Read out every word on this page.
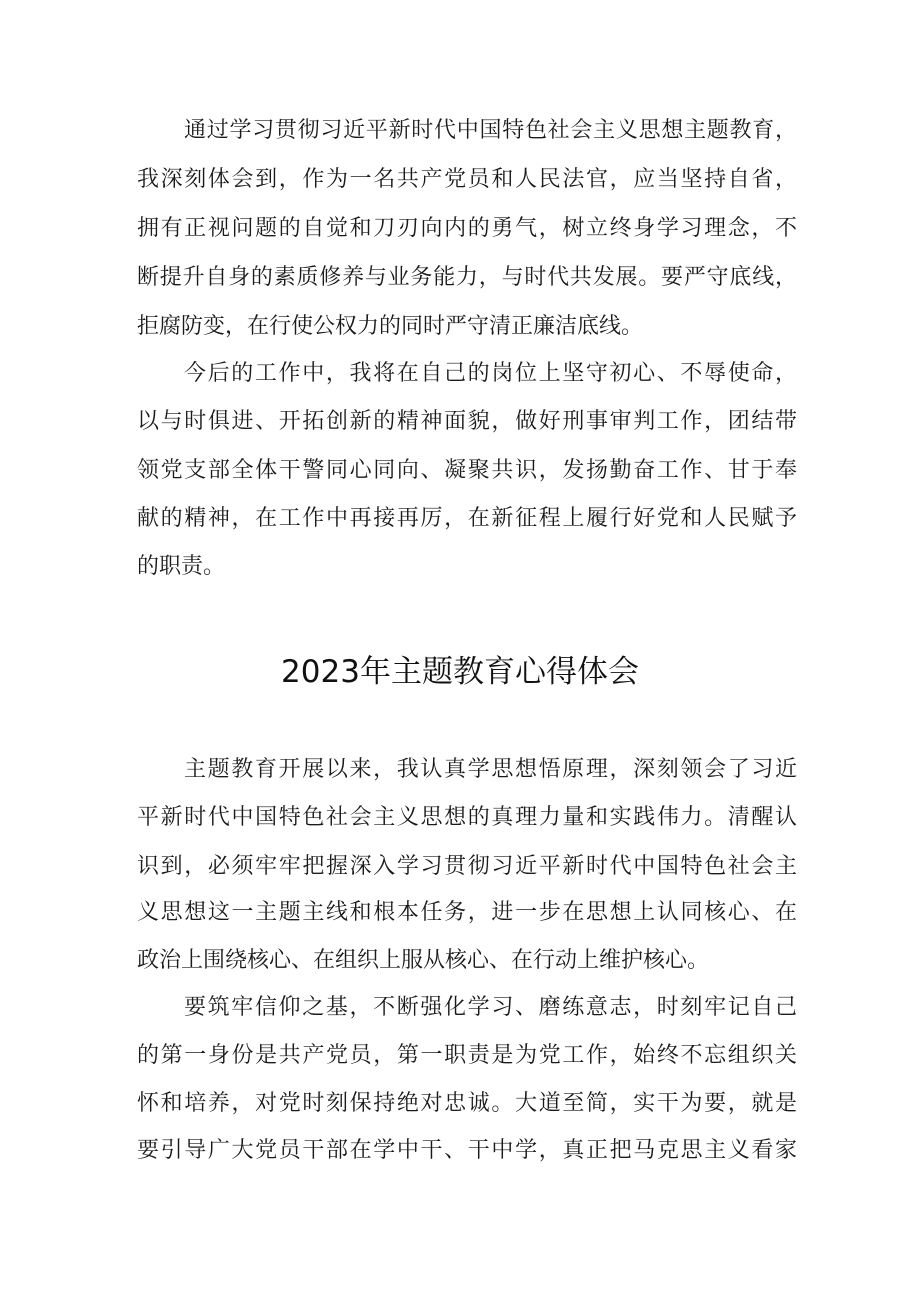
通过学习贯彻习近平新时代中国特色社会主义思想主题教育，
我深刻体会到，作为一名共产党员和人民法官，应当坚持自省，
拥有正视问题的自觉和刀刃向内的勇气，树立终身学习理念，不
断提升自身的素质修养与业务能力，与时代共发展。要严守底线，
拒腐防变，在行使公权力的同时严守清正廉洁底线。
今后的工作中，我将在自己的岗位上坚守初心、不辱使命，
以与时俱进、开拓创新的精神面貌，做好刑事审判工作，团结带
领党支部全体干警同心同向、凝聚共识，发扬勤奋工作、甘于奉
献的精神，在工作中再接再厉，在新征程上履行好党和人民赋予
的职责。
2023年主题教育心得体会
主题教育开展以来，我认真学思想悟原理，深刻领会了习近
平新时代中国特色社会主义思想的真理力量和实践伟力。清醒认
识到，必须牢牢把握深入学习贯彻习近平新时代中国特色社会主
义思想这一主题主线和根本任务，进一步在思想上认同核心、在
政治上围绕核心、在组织上服从核心、在行动上维护核心。
要筑牢信仰之基，不断强化学习、磨练意志，时刻牢记自己
的第一身份是共产党员，第一职责是为党工作，始终不忘组织关
怀和培养，对党时刻保持绝对忠诚。大道至简，实干为要，就是
要引导广大党员干部在学中干、干中学，真正把马克思主义看家
